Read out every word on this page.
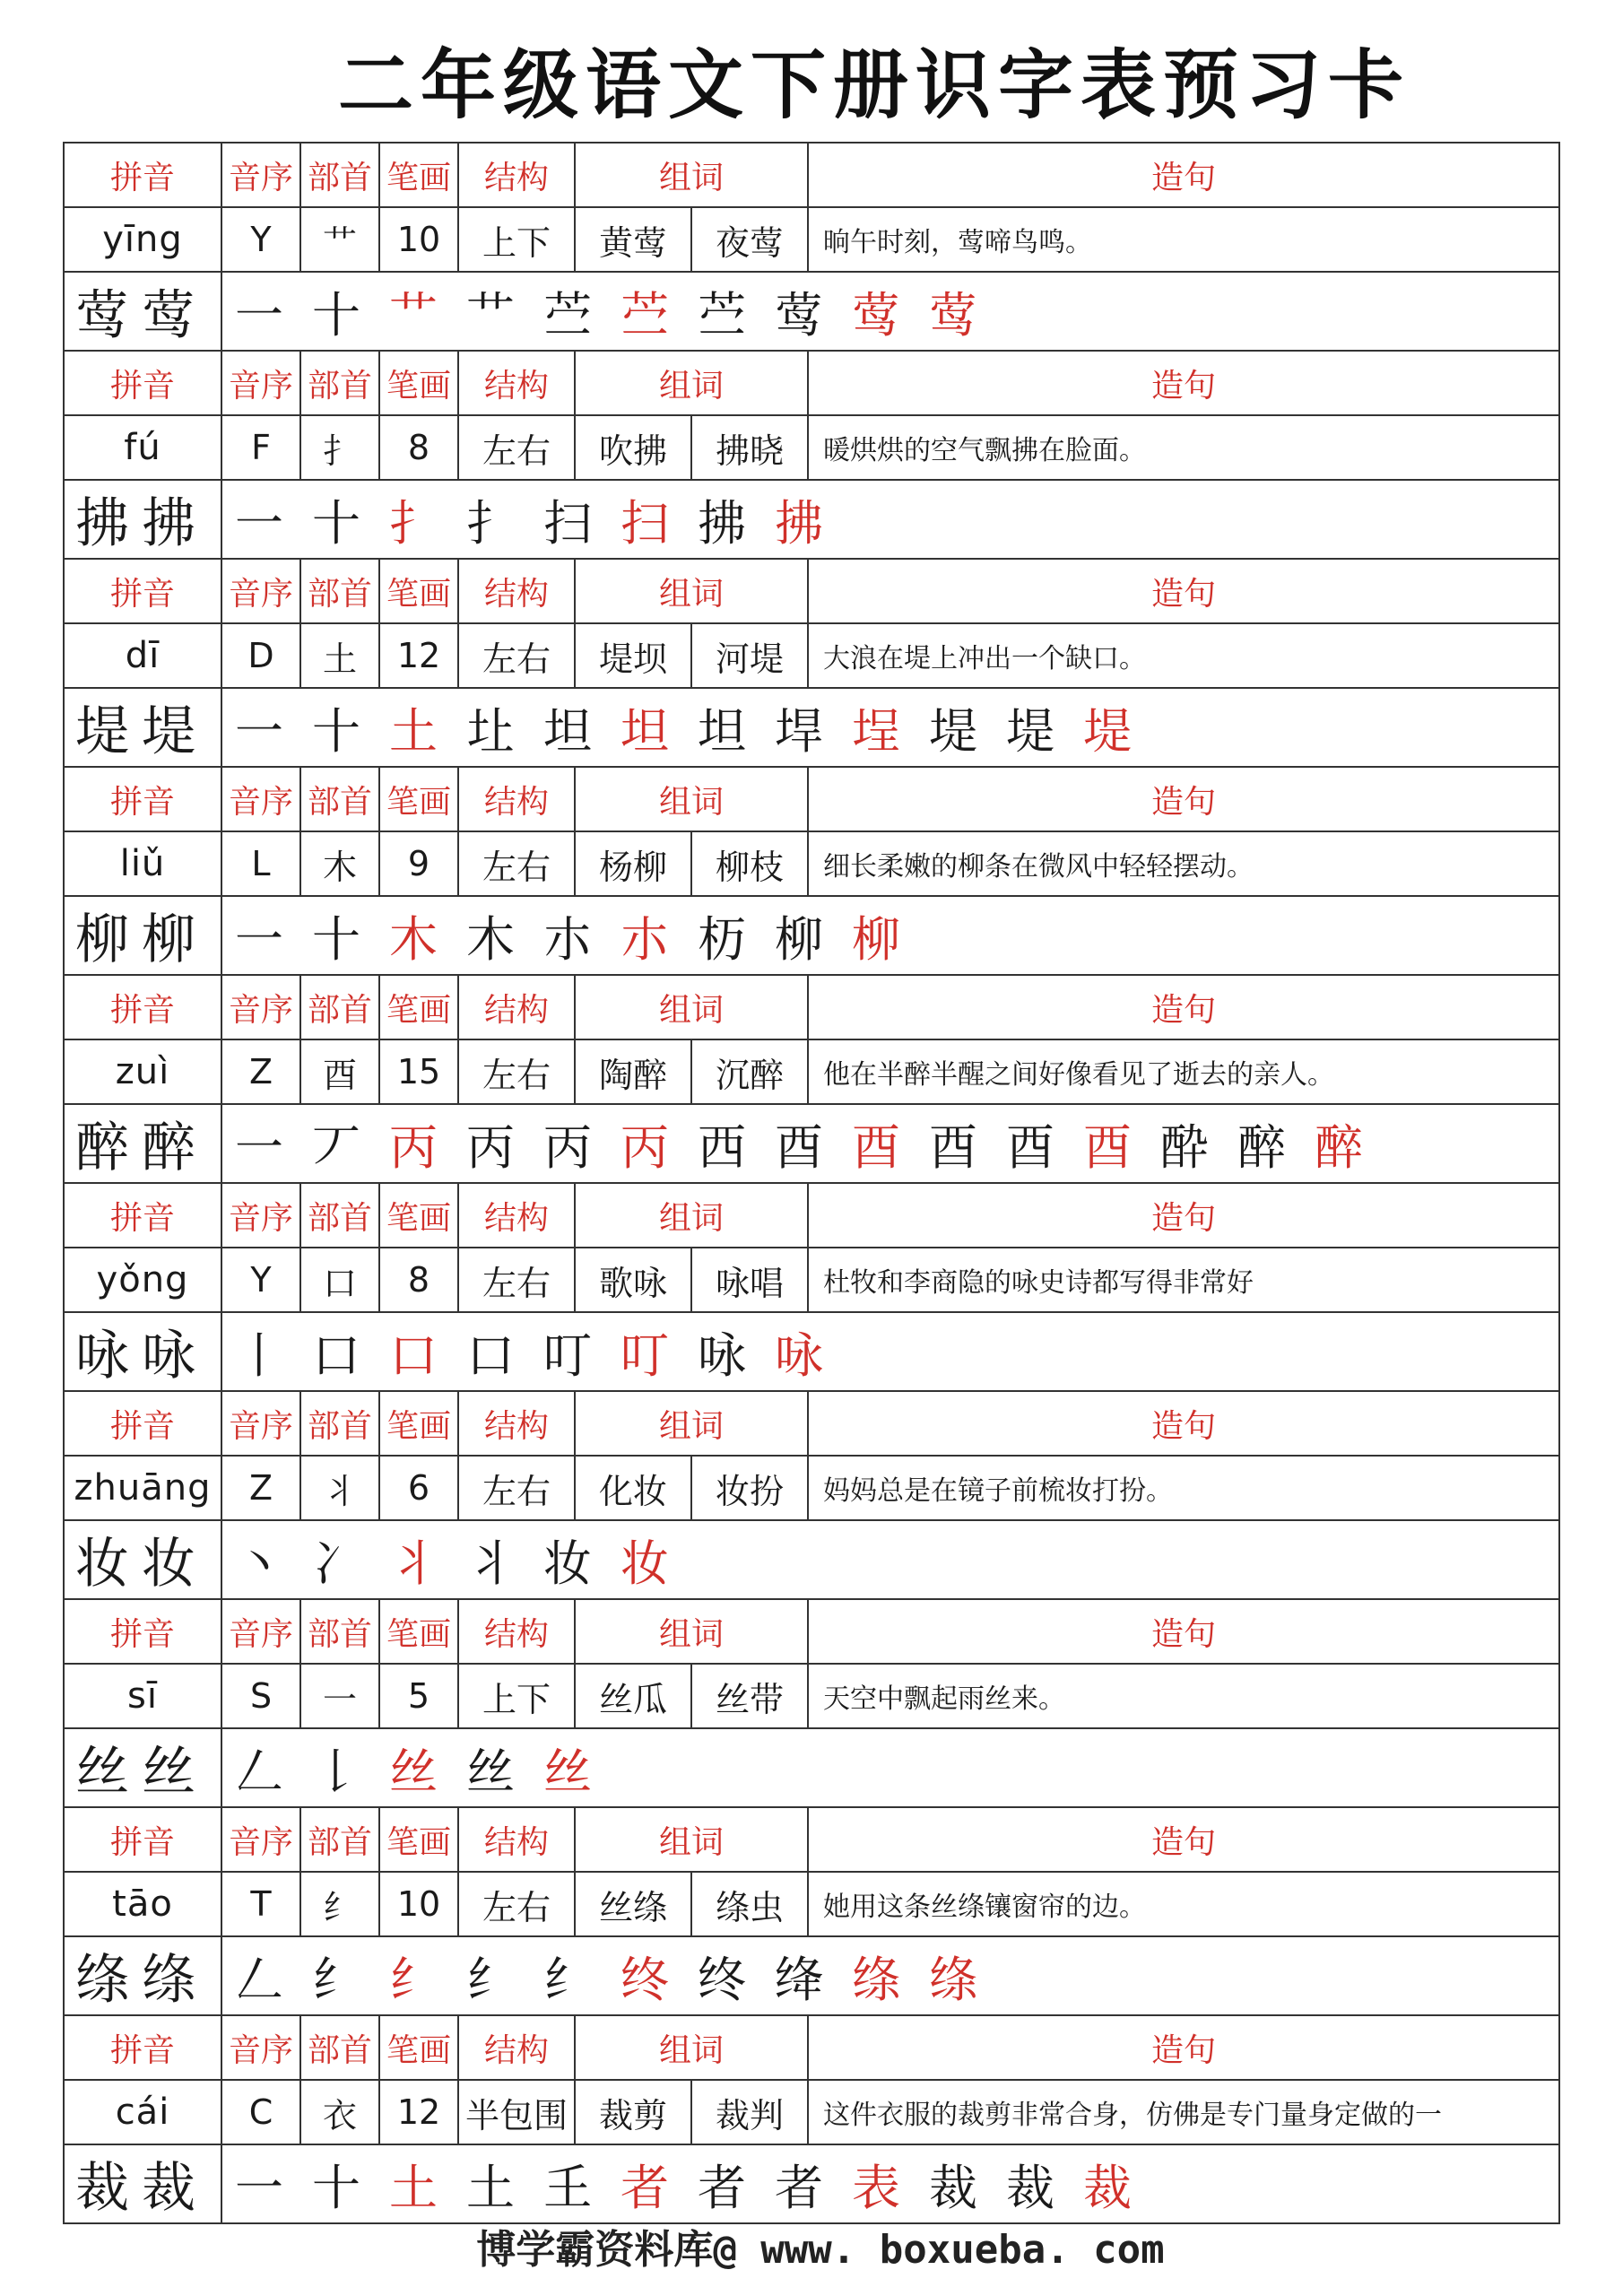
二年级语文下册识字表预习卡
拼音	音序	部首	笔画	结构	组词		造句
yīng	Y	艹	10	上下	黄莺	夜莺	晌午时刻，莺啼鸟鸣。
莺莺	一 十 艹 艹 苎 苎 苎 莺 莺 莺						
拼音	音序	部首	笔画	结构	组词		造句
fú	F	扌	8	左右	吹拂	拂晓	暖烘烘的空气飘拂在脸面。
拂拂	一 十 扌 扌 扫 扫 拂 拂						
拼音	音序	部首	笔画	结构	组词		造句
dī	D	土	12	左右	堤坝	河堤	大浪在堤上冲出一个缺口。
堤堤	一 十 土 圵 坦 坦 坦 垾 埕 堤 堤 堤						
拼音	音序	部首	笔画	结构	组词		造句
liǔ	L	木	9	左右	杨柳	柳枝	细长柔嫩的柳条在微风中轻轻摆动。
柳柳	一 十 木 木 朩 朩 杤 柳 柳						
拼音	音序	部首	笔画	结构	组词		造句
zuì	Z	酉	15	左右	陶醉	沉醉	他在半醉半醒之间好像看见了逝去的亲人。
醉醉	一 丆 丙 丙 丙 丙 西 酉 酉 酉 酉 酉 酔 醉 醉						
拼音	音序	部首	笔画	结构	组词		造句
yǒng	Y	口	8	左右	歌咏	咏唱	杜牧和李商隐的咏史诗都写得非常好
咏咏	丨 口 口 口 叮 叮 咏 咏						
拼音	音序	部首	笔画	结构	组词		造句
zhuāng	Z	丬	6	左右	化妆	妆扮	妈妈总是在镜子前梳妆打扮。
妆妆	丶 冫 丬 丬 妆 妆						
拼音	音序	部首	笔画	结构	组词		造句
sī	S	一	5	上下	丝瓜	丝带	天空中飘起雨丝来。
丝丝	𠃋 𠄌 丝 丝 丝						
拼音	音序	部首	笔画	结构	组词		造句
tāo	T	纟	10	左右	丝绦	绦虫	她用这条丝绦镶窗帘的边。
绦绦	𠃋 纟 纟 纟 纟 终 终 绛 绦 绦						
拼音	音序	部首	笔画	结构	组词		造句
cái	C	衣	12	半包围	裁剪	裁判	这件衣服的裁剪非常合身，仿佛是专门量身定做的一
裁裁	一 十 土 土 𡈼 者 者 者 表 裁 裁 裁						
博学霸资料库@ www. boxueba. com
